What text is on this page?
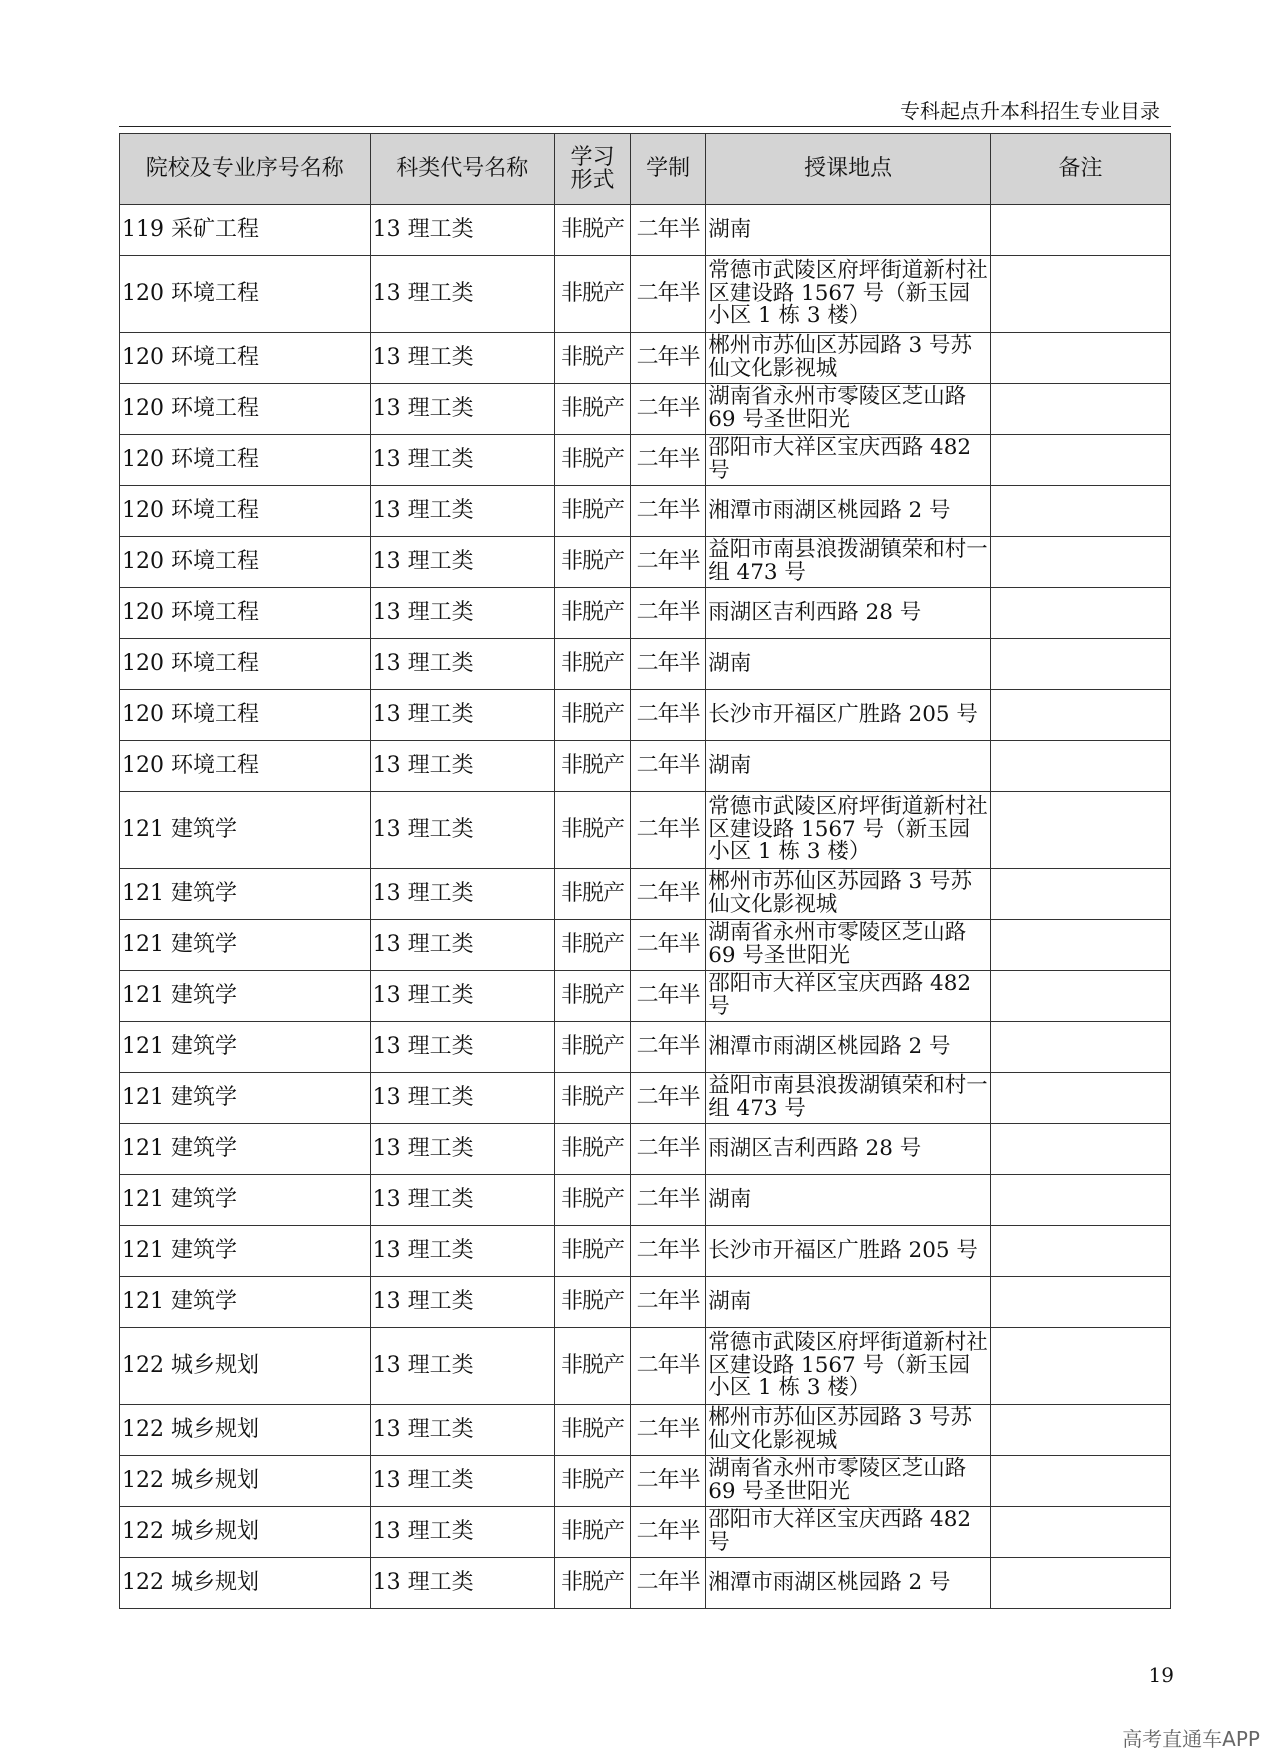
专科起点升本科招生专业目录
院校及专业序号名称	科类代号名称	学习形式	学制	授课地点	备注
119 采矿工程	13 理工类	非脱产	二年半	湖南	
120 环境工程	13 理工类	非脱产	二年半	常德市武陵区府坪街道新村社区建设路 1567 号（新玉园小区 1 栋 3 楼）	
120 环境工程	13 理工类	非脱产	二年半	郴州市苏仙区苏园路 3 号苏仙文化影视城	
120 环境工程	13 理工类	非脱产	二年半	湖南省永州市零陵区芝山路 69 号圣世阳光	
120 环境工程	13 理工类	非脱产	二年半	邵阳市大祥区宝庆西路 482 号	
120 环境工程	13 理工类	非脱产	二年半	湘潭市雨湖区桃园路 2 号	
120 环境工程	13 理工类	非脱产	二年半	益阳市南县浪拨湖镇荣和村一组 473 号	
120 环境工程	13 理工类	非脱产	二年半	雨湖区吉利西路 28 号	
120 环境工程	13 理工类	非脱产	二年半	湖南	
120 环境工程	13 理工类	非脱产	二年半	长沙市开福区广胜路 205 号	
120 环境工程	13 理工类	非脱产	二年半	湖南	
121 建筑学	13 理工类	非脱产	二年半	常德市武陵区府坪街道新村社区建设路 1567 号（新玉园小区 1 栋 3 楼）	
121 建筑学	13 理工类	非脱产	二年半	郴州市苏仙区苏园路 3 号苏仙文化影视城	
121 建筑学	13 理工类	非脱产	二年半	湖南省永州市零陵区芝山路 69 号圣世阳光	
121 建筑学	13 理工类	非脱产	二年半	邵阳市大祥区宝庆西路 482 号	
121 建筑学	13 理工类	非脱产	二年半	湘潭市雨湖区桃园路 2 号	
121 建筑学	13 理工类	非脱产	二年半	益阳市南县浪拨湖镇荣和村一组 473 号	
121 建筑学	13 理工类	非脱产	二年半	雨湖区吉利西路 28 号	
121 建筑学	13 理工类	非脱产	二年半	湖南	
121 建筑学	13 理工类	非脱产	二年半	长沙市开福区广胜路 205 号	
121 建筑学	13 理工类	非脱产	二年半	湖南	
122 城乡规划	13 理工类	非脱产	二年半	常德市武陵区府坪街道新村社区建设路 1567 号（新玉园小区 1 栋 3 楼）	
122 城乡规划	13 理工类	非脱产	二年半	郴州市苏仙区苏园路 3 号苏仙文化影视城	
122 城乡规划	13 理工类	非脱产	二年半	湖南省永州市零陵区芝山路 69 号圣世阳光	
122 城乡规划	13 理工类	非脱产	二年半	邵阳市大祥区宝庆西路 482 号	
122 城乡规划	13 理工类	非脱产	二年半	湘潭市雨湖区桃园路 2 号	
19
高考直通车APP
